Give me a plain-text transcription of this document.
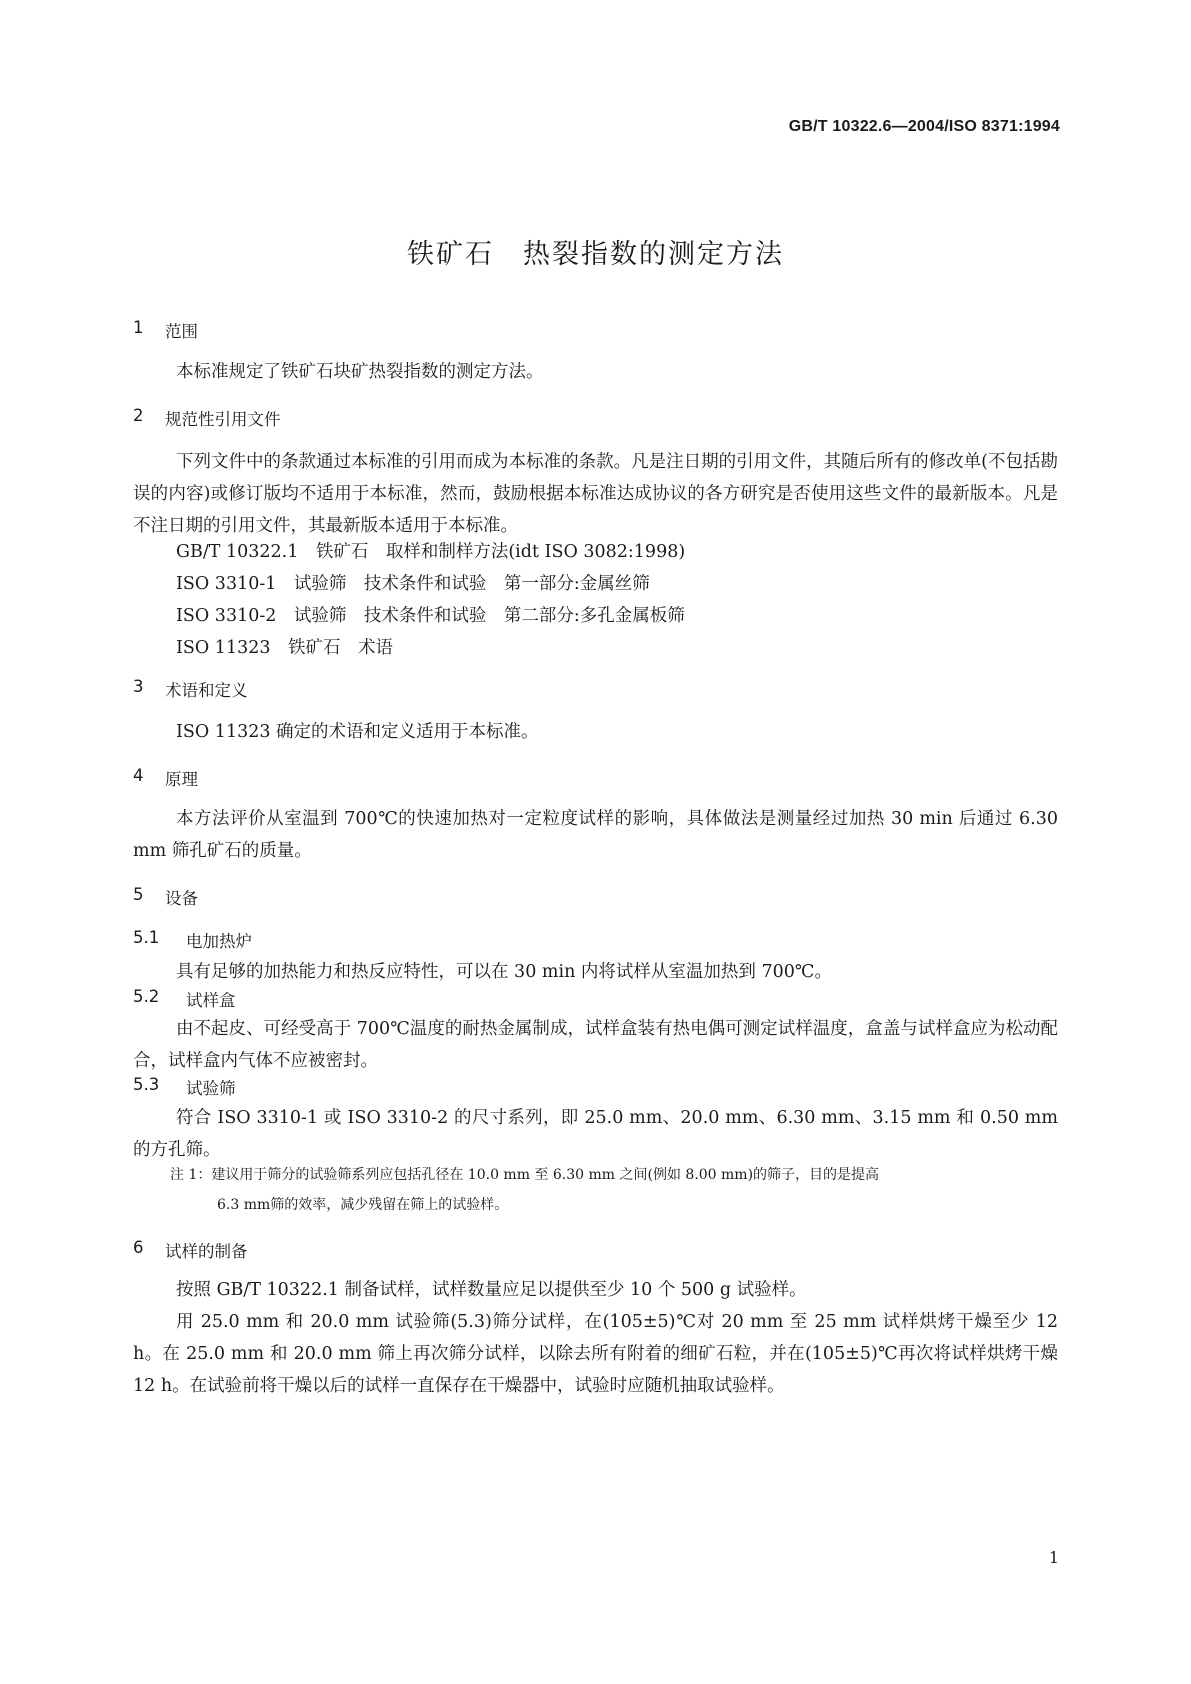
GB/T 10322.6—2004/ISO 8371:1994
铁矿石　热裂指数的测定方法
1 范围
本标准规定了铁矿石块矿热裂指数的测定方法。
2 规范性引用文件
下列文件中的条款通过本标准的引用而成为本标准的条款。凡是注日期的引用文件，其随后所有的修改单(不包括勘误的内容)或修订版均不适用于本标准，然而，鼓励根据本标准达成协议的各方研究是否使用这些文件的最新版本。凡是不注日期的引用文件，其最新版本适用于本标准。
GB/T 10322.1　铁矿石　取样和制样方法(idt ISO 3082:1998)
ISO 3310-1　试验筛　技术条件和试验　第一部分:金属丝筛
ISO 3310-2　试验筛　技术条件和试验　第二部分:多孔金属板筛
ISO 11323　铁矿石　术语
3 术语和定义
ISO 11323 确定的术语和定义适用于本标准。
4 原理
本方法评价从室温到 700℃的快速加热对一定粒度试样的影响，具体做法是测量经过加热 30 min 后通过 6.30 mm 筛孔矿石的质量。
5 设备
5.1 电加热炉
具有足够的加热能力和热反应特性，可以在 30 min 内将试样从室温加热到 700℃。
5.2 试样盒
由不起皮、可经受高于 700℃温度的耐热金属制成，试样盒装有热电偶可测定试样温度，盒盖与试样盒应为松动配合，试样盒内气体不应被密封。
5.3 试验筛
符合 ISO 3310-1 或 ISO 3310-2 的尺寸系列，即 25.0 mm、20.0 mm、6.30 mm、3.15 mm 和 0.50 mm的方孔筛。
注 1：建议用于筛分的试验筛系列应包括孔径在 10.0 mm 至 6.30 mm 之间(例如 8.00 mm)的筛子，目的是提高
6.3 mm筛的效率，减少残留在筛上的试验样。
6 试样的制备
按照 GB/T 10322.1 制备试样，试样数量应足以提供至少 10 个 500 g 试验样。
用 25.0 mm 和 20.0 mm 试验筛(5.3)筛分试样，在(105±5)℃对 20 mm 至 25 mm 试样烘烤干燥至少 12 h。在 25.0 mm 和 20.0 mm 筛上再次筛分试样，以除去所有附着的细矿石粒，并在(105±5)℃再次将试样烘烤干燥 12 h。在试验前将干燥以后的试样一直保存在干燥器中，试验时应随机抽取试验样。
1
